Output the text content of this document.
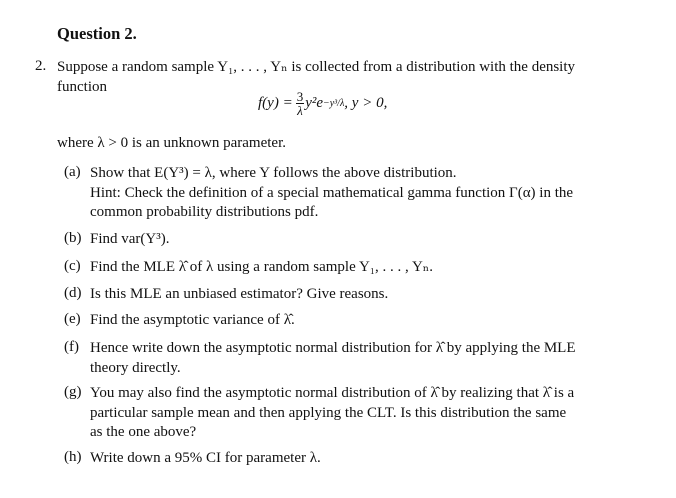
Question 2.
2. Suppose a random sample Y₁, . . . , Yₙ is collected from a distribution with the density
function
$f(y) = \frac{3}{\lambda} y^2e -y^3/\lambda$ , y > 0,
where λ > 0 is an unknown parameter.
(a) Show that E(Y³) = λ, where Y follows the above distribution.
Hint: Check the definition of a special mathematical gamma function Γ(α) in the
common probability distributions pdf.
(b) Find var(Y³).
(c) Find the MLE λ̂ of λ using a random sample Y₁, . . . , Yₙ.
(d) Is this MLE an unbiased estimator? Give reasons.
(e) Find the asymptotic variance of λ̂.
(f) Hence write down the asymptotic normal distribution for λ̂ by applying the MLE
theory directly.
(g) You may also find the asymptotic normal distribution of λ̂ by realizing that λ̂ is a
particular sample mean and then applying the CLT. Is this distribution the same
as the one above?
(h) Write down a 95% CI for parameter λ.
